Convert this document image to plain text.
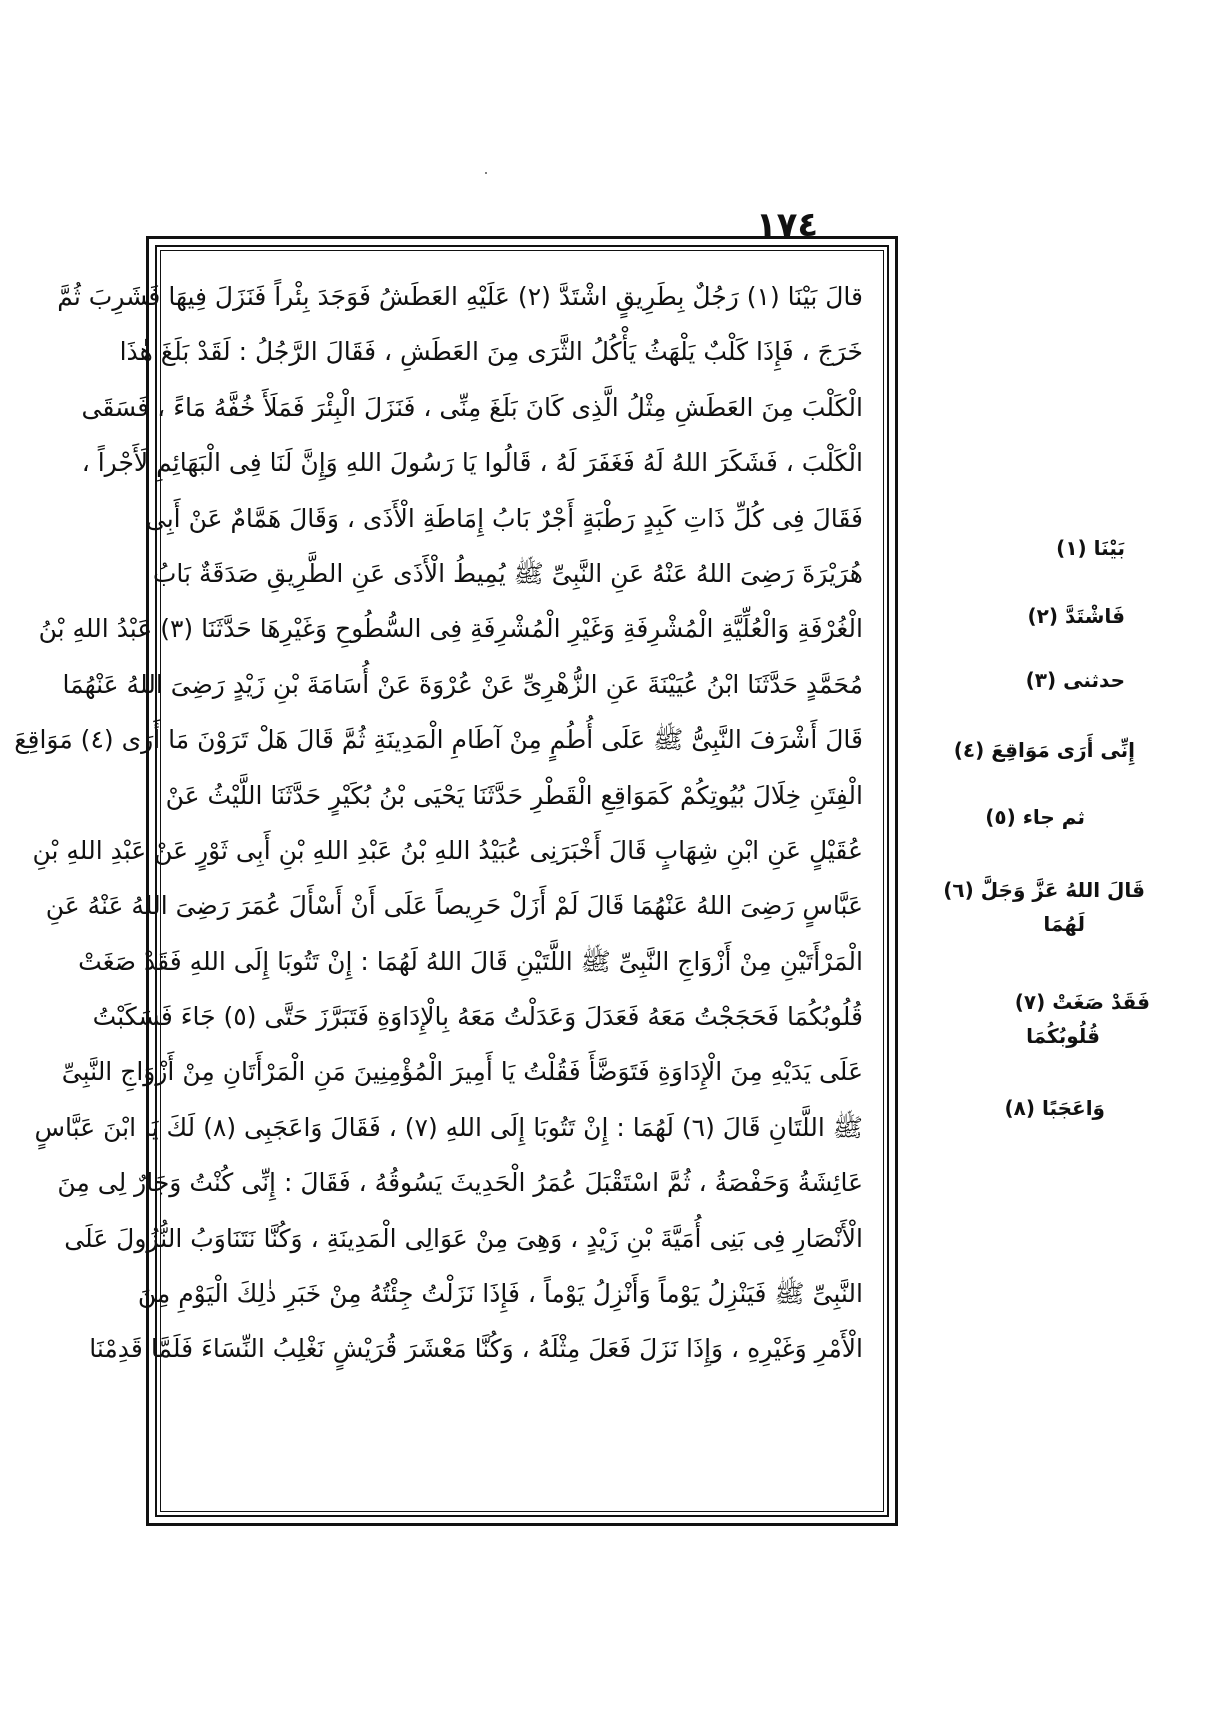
١٧٤
قالَ بَيْنَا (١) رَجُلٌ بِطَرِيقٍ اشْتَدَّ (٢) عَلَيْهِ العَطَشُ فَوَجَدَ بِئْراً فَنَزَلَ فِيهَا فَشَرِبَ ثُمَّ
خَرَجَ ، فَإِذَا كَلْبٌ يَلْهَثُ يَأْكُلُ الثَّرَى مِنَ العَطَشِ ، فَقَالَ الرَّجُلُ : لَقَدْ بَلَغَ هٰذَا
الْكَلْبَ مِنَ العَطَشِ مِثْلُ الَّذِى كَانَ بَلَغَ مِنِّى ، فَنَزَلَ الْبِئْرَ فَمَلَأَ خُفَّهُ مَاءً ، فَسَقَى
الْكَلْبَ ، فَشَكَرَ اللهُ لَهُ فَغَفَرَ لَهُ ، قَالُوا يَا رَسُولَ اللهِ وَإِنَّ لَنَا فِى الْبَهَائِمِ لَأَجْراً ،
فَقَالَ فِى كُلِّ ذَاتِ كَبِدٍ رَطْبَةٍ أَجْرٌ بَابُ إِمَاطَةِ الْأَذَى ، وَقَالَ هَمَّامٌ عَنْ أَبِى
هُرَيْرَةَ رَضِىَ اللهُ عَنْهُ عَنِ النَّبِىِّ ﷺ يُمِيطُ الْأَذَى عَنِ الطَّرِيقِ صَدَقَةٌ بَابُ
الْغُرْفَةِ وَالْعُلِّيَّةِ الْمُشْرِفَةِ وَغَيْرِ الْمُشْرِفَةِ فِى السُّطُوحِ وَغَيْرِهَا حَدَّثَنَا (٣) عَبْدُ اللهِ بْنُ
مُحَمَّدٍ حَدَّثَنَا ابْنُ عُيَيْنَةَ عَنِ الزُّهْرِىِّ عَنْ عُرْوَةَ عَنْ أُسَامَةَ بْنِ زَيْدٍ رَضِىَ اللهُ عَنْهُمَا
قَالَ أَشْرَفَ النَّبِىُّ ﷺ عَلَى أُطُمٍ مِنْ آطَامِ الْمَدِينَةِ ثُمَّ قَالَ هَلْ تَرَوْنَ مَا أَرَى (٤) مَوَاقِعَ
الْفِتَنِ خِلَالَ بُيُوتِكُمْ كَمَوَاقِعِ الْقَطْرِ حَدَّثَنَا يَحْيَى بْنُ بُكَيْرٍ حَدَّثَنَا اللَّيْثُ عَنْ
عُقَيْلٍ عَنِ ابْنِ شِهَابٍ قَالَ أَخْبَرَنِى عُبَيْدُ اللهِ بْنُ عَبْدِ اللهِ بْنِ أَبِى ثَوْرٍ عَنْ عَبْدِ اللهِ بْنِ
عَبَّاسٍ رَضِىَ اللهُ عَنْهُمَا قَالَ لَمْ أَزَلْ حَرِيصاً عَلَى أَنْ أَسْأَلَ عُمَرَ رَضِىَ اللهُ عَنْهُ عَنِ
الْمَرْأَتَيْنِ مِنْ أَزْوَاجِ النَّبِىِّ ﷺ اللَّتَيْنِ قَالَ اللهُ لَهُمَا : إِنْ تَتُوبَا إِلَى اللهِ فَقَدْ صَغَتْ
قُلُوبُكُمَا فَحَجَجْتُ مَعَهُ فَعَدَلَ وَعَدَلْتُ مَعَهُ بِالْإِدَاوَةِ فَتَبَرَّزَ حَتَّى (٥) جَاءَ فَسَكَبْتُ
عَلَى يَدَيْهِ مِنَ الْإِدَاوَةِ فَتَوَضَّأَ فَقُلْتُ يَا أَمِيرَ الْمُؤْمِنِينَ مَنِ الْمَرْأَتَانِ مِنْ أَزْوَاجِ النَّبِىِّ
ﷺ اللَّتَانِ قَالَ (٦) لَهُمَا : إِنْ تَتُوبَا إِلَى اللهِ (٧) ، فَقَالَ وَاعَجَبِى (٨) لَكَ يَا ابْنَ عَبَّاسٍ
عَائِشَةُ وَحَفْصَةُ ، ثُمَّ اسْتَقْبَلَ عُمَرُ الْحَدِيثَ يَسُوقُهُ ، فَقَالَ : إِنِّى كُنْتُ وَجَارٌ لِى مِنَ
الْأَنْصَارِ فِى بَنِى أُمَيَّةَ بْنِ زَيْدٍ ، وَهِىَ مِنْ عَوَالِى الْمَدِينَةِ ، وَكُنَّا نَتَنَاوَبُ النُّزُولَ عَلَى
النَّبِىِّ ﷺ فَيَنْزِلُ يَوْماً وَأَنْزِلُ يَوْماً ، فَإِذَا نَزَلْتُ جِئْتُهُ مِنْ خَبَرِ ذٰلِكَ الْيَوْمِ مِنَ
الْأَمْرِ وَغَيْرِهِ ، وَإِذَا نَزَلَ فَعَلَ مِثْلَهُ ، وَكُنَّا مَعْشَرَ قُرَيْشٍ نَغْلِبُ النِّسَاءَ فَلَمَّا قَدِمْنَا
(١) بَيْنَا
(٢) فَاشْتَدَّ
(٣) حدثنى
(٤) إِنِّى أَرَى مَوَاقِعَ
(٥) ثم جاء
(٦) قَالَ اللهُ عَزَّ وَجَلَّ
لَهُمَا
(٧) فَقَدْ صَغَتْ
قُلُوبُكُمَا
(٨) وَاعَجَبًا
